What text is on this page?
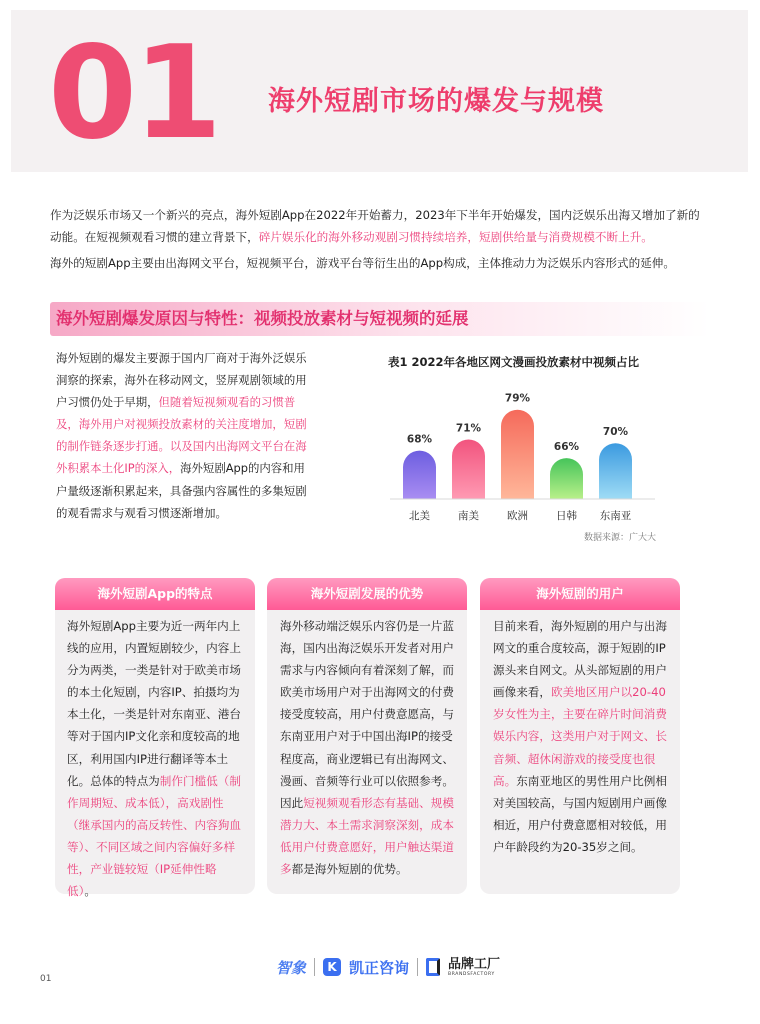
01 海外短剧市场的爆发与规模
作为泛娱乐市场又一个新兴的亮点，海外短剧App在2022年开始蓄力，2023年下半年开始爆发，国内泛娱乐出海又增加了新的动能。在短视频观看习惯的建立背景下，碎片娱乐化的海外移动观剧习惯持续培养，短剧供给量与消费规模不断上升。
海外的短剧App主要由出海网文平台，短视频平台，游戏平台等衍生出的App构成，主体推动力为泛娱乐内容形式的延伸。
海外短剧爆发原因与特性：视频投放素材与短视频的延展
海外短剧的爆发主要源于国内厂商对于海外泛娱乐洞察的探索，海外在移动网文，竖屏观剧领域的用户习惯仍处于早期，但随着短视频观看的习惯普及，海外用户对视频投放素材的关注度增加，短剧的制作链条逐步打通。以及国内出海网文平台在海外积累本土化IP的深入，海外短剧App的内容和用户量级逐渐积累起来，具备强内容属性的多集短剧的观看需求与观看习惯逐渐增加。
表1 2022年各地区网文漫画投放素材中视频占比
68%
北美
71%
南美
79%
欧洲
66%
日韩
70%
东南亚
数据来源：广大大
海外短剧App的特点
海外短剧App主要为近一两年内上线的应用，内置短剧较少，内容上分为两类，一类是针对于欧美市场的本土化短剧，内容IP、拍摄均为本土化，一类是针对东南亚、港台等对于国内IP文化亲和度较高的地区，利用国内IP进行翻译等本土化。总体的特点为制作门槛低（制作周期短、成本低），高戏剧性（继承国内的高反转性、内容狗血等）、不同区域之间内容偏好多样性，产业链较短（IP延伸性略低）。
海外短剧发展的优势
海外移动端泛娱乐内容仍是一片蓝海，国内出海泛娱乐开发者对用户需求与内容倾向有着深刻了解，而欧美市场用户对于出海网文的付费接受度较高，用户付费意愿高，与东南亚用户对于中国出海IP的接受程度高，商业逻辑已有出海网文、漫画、音频等行业可以依照参考。因此短视频观看形态有基础、规模潜力大、本土需求洞察深刻，成本低用户付费意愿好，用户触达渠道多都是海外短剧的优势。
海外短剧的用户
目前来看，海外短剧的用户与出海网文的重合度较高，源于短剧的IP源头来自网文。从头部短剧的用户画像来看，欧美地区用户以20-40岁女性为主，主要在碎片时间消费娱乐内容，这类用户对于网文、长音频、超休闲游戏的接受度也很高。东南亚地区的男性用户比例相对美国较高，与国内短剧用户画像相近，用户付费意愿相对较低，用户年龄段约为20-35岁之间。
智象	K 凯正咨询	品牌工厂
BRANDSFACTORY
01
